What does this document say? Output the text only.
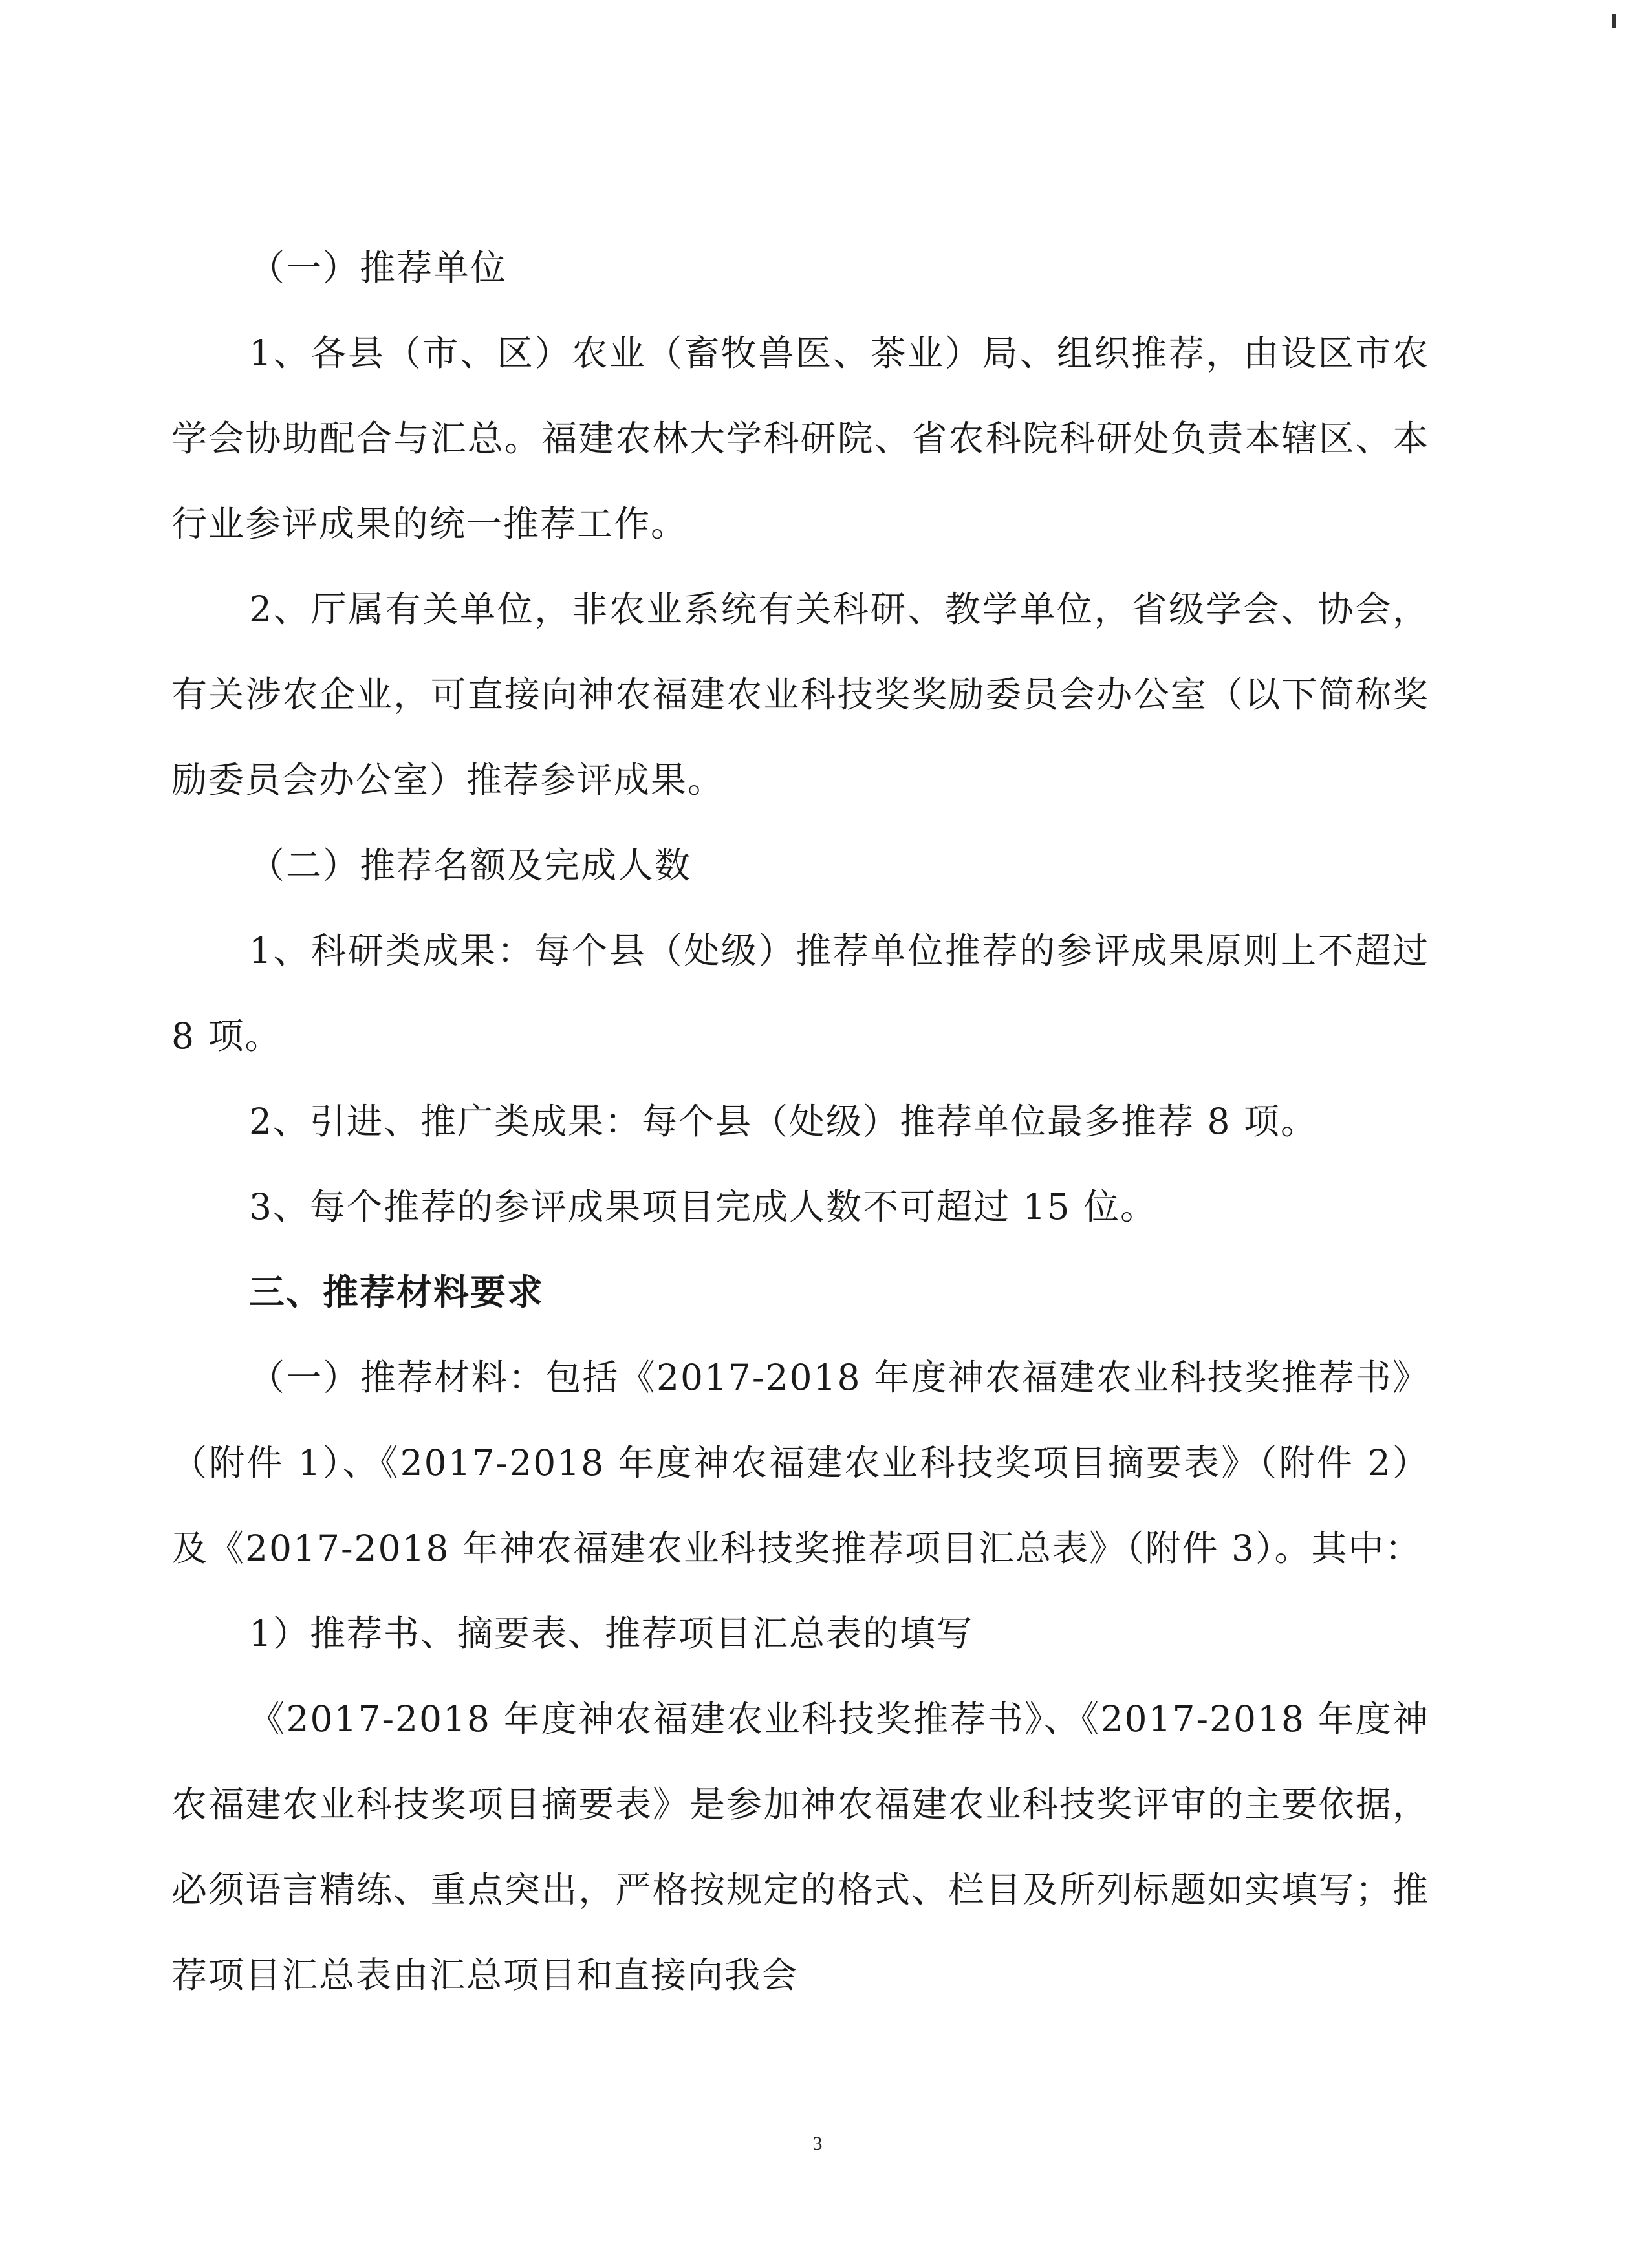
（一）推荐单位

1、各县（市、区）农业（畜牧兽医、茶业）局、组织推荐，由设区市农学会协助配合与汇总。福建农林大学科研院、省农科院科研处负责本辖区、本行业参评成果的统一推荐工作。

2、厅属有关单位，非农业系统有关科研、教学单位，省级学会、协会，有关涉农企业，可直接向神农福建农业科技奖奖励委员会办公室（以下简称奖励委员会办公室）推荐参评成果。

（二）推荐名额及完成人数

1、科研类成果：每个县（处级）推荐单位推荐的参评成果原则上不超过 8 项。

2、引进、推广类成果：每个县（处级）推荐单位最多推荐 8 项。

3、每个推荐的参评成果项目完成人数不可超过 15 位。

三、推荐材料要求

（一）推荐材料：包括《2017-2018 年度神农福建农业科技奖推荐书》（附件 1）、《2017-2018 年度神农福建农业科技奖项目摘要表》（附件 2）及《2017-2018 年神农福建农业科技奖推荐项目汇总表》（附件 3）。其中：

1）推荐书、摘要表、推荐项目汇总表的填写

《2017-2018 年度神农福建农业科技奖推荐书》、《2017-2018 年度神农福建农业科技奖项目摘要表》是参加神农福建农业科技奖评审的主要依据，必须语言精练、重点突出，严格按规定的格式、栏目及所列标题如实填写；推荐项目汇总表由汇总项目和直接向我会

3
